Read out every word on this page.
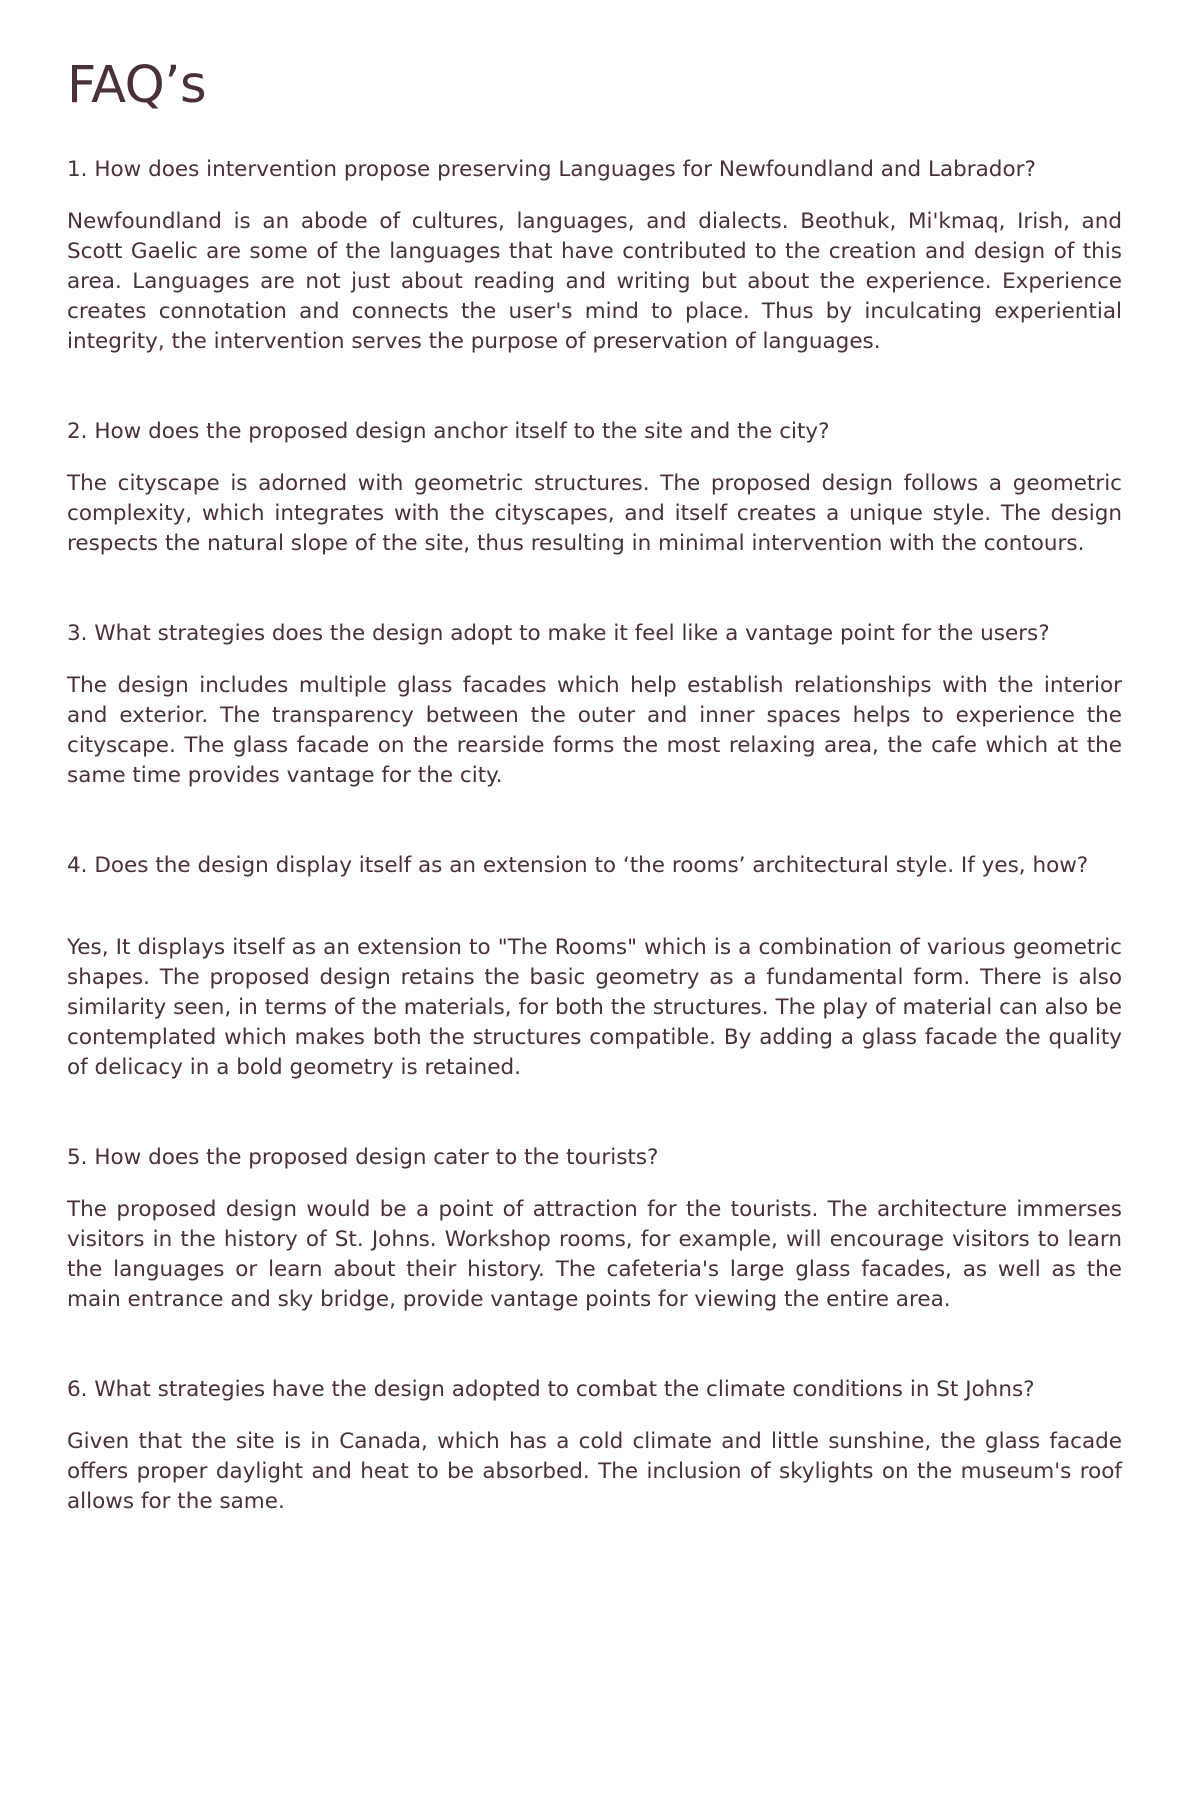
FAQ’s

1. How does intervention propose preserving Languages for Newfoundland and Labrador?

Newfoundland is an abode of cultures, languages, and dialects. Beothuk, Mi'kmaq, Irish, and Scott Gaelic are some of the languages that have contributed to the creation and design of this area. Languages are not just about reading and writing but about the experience. Experience creates connotation and connects the user's mind to place. Thus by inculcating experiential integrity, the intervention serves the purpose of preservation of languages.

2. How does the proposed design anchor itself to the site and the city?

The cityscape is adorned with geometric structures. The proposed design follows a geometric complexity, which integrates with the cityscapes, and itself creates a unique style. The design respects the natural slope of the site, thus resulting in minimal intervention with the contours.

3. What strategies does the design adopt to make it feel like a vantage point for the users?

The design includes multiple glass facades which help establish relationships with the interior and exterior. The transparency between the outer and inner spaces helps to experience the cityscape. The glass facade on the rearside forms the most relaxing area, the cafe which at the same time provides vantage for the city.

4. Does the design display itself as an extension to ‘the rooms’ architectural style. If yes, how?

Yes, It displays itself as an extension to "The Rooms" which is a combination of various geometric shapes. The proposed design retains the basic geometry as a fundamental form. There is also similarity seen, in terms of the materials, for both the structures. The play of material can also be contemplated which makes both the structures compatible. By adding a glass facade the quality of delicacy in a bold geometry is retained.

5. How does the proposed design cater to the tourists?

The proposed design would be a point of attraction for the tourists. The architecture immerses visitors in the history of St. Johns. Workshop rooms, for example, will encourage visitors to learn the languages or learn about their history. The cafeteria's large glass facades, as well as the main entrance and sky bridge, provide vantage points for viewing the entire area.

6. What strategies have the design adopted to combat the climate conditions in St Johns?

Given that the site is in Canada, which has a cold climate and little sunshine, the glass facade offers proper daylight and heat to be absorbed. The inclusion of skylights on the museum's roof allows for the same.
